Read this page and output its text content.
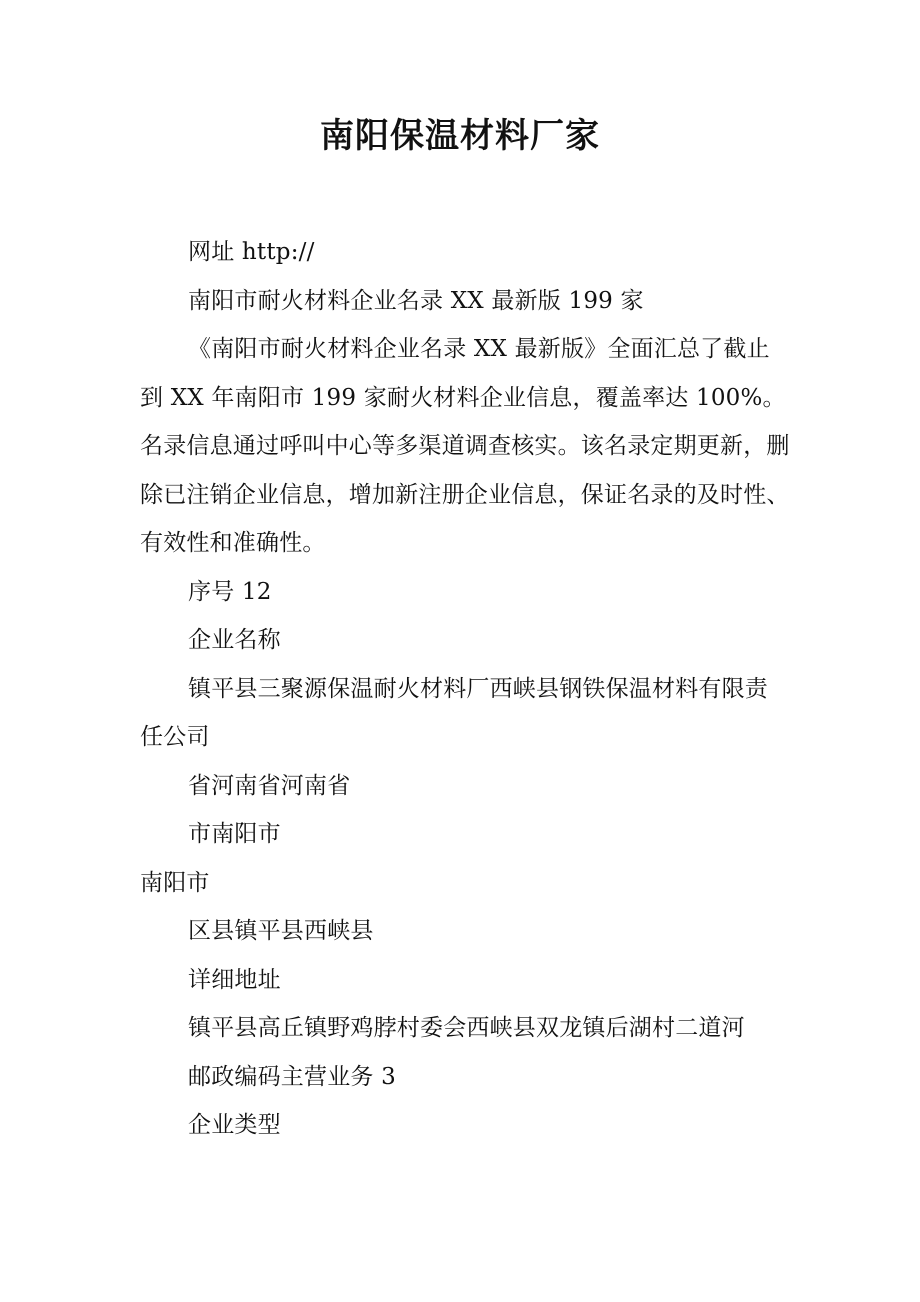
南阳保温材料厂家

网址 http://

南阳市耐火材料企业名录 XX 最新版 199 家

《南阳市耐火材料企业名录 XX 最新版》全面汇总了截止到 XX 年南阳市 199 家耐火材料企业信息，覆盖率达 100%。名录信息通过呼叫中心等多渠道调查核实。该名录定期更新，删除已注销企业信息，增加新注册企业信息，保证名录的及时性、有效性和准确性。

序号 12

企业名称

镇平县三聚源保温耐火材料厂西峡县钢铁保温材料有限责任公司

省河南省河南省

市南阳市

南阳市

区县镇平县西峡县

详细地址

镇平县高丘镇野鸡脖村委会西峡县双龙镇后湖村二道河

邮政编码主营业务 3

企业类型
